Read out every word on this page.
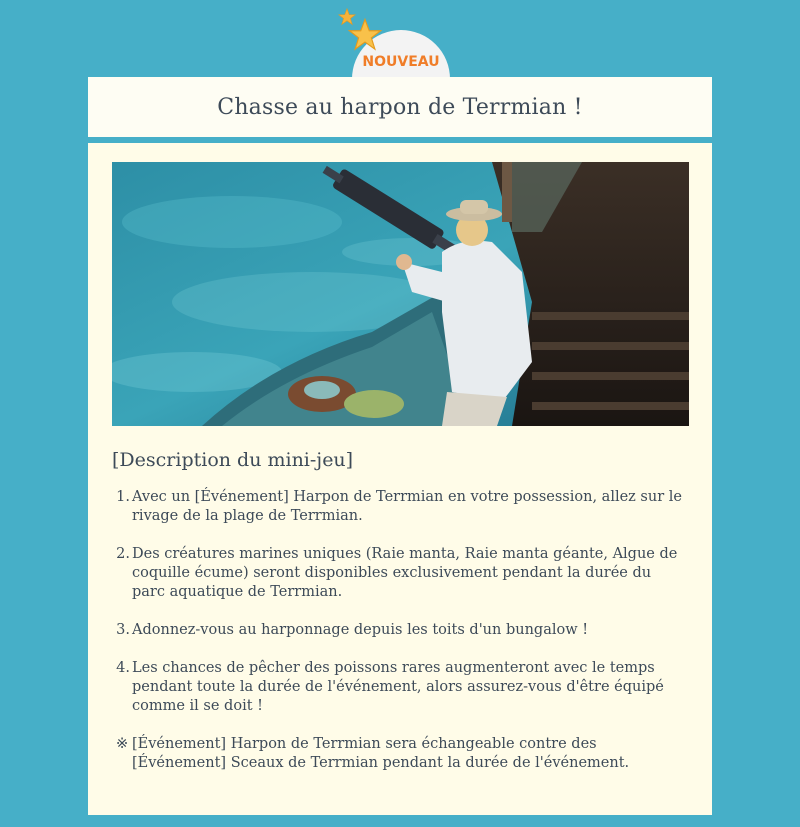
NOUVEAU
Chasse au harpon de Terrmian !
[Description du mini-jeu]
1. Avec un [Événement] Harpon de Terrmian en votre possession, allez sur le rivage de la plage de Terrmian.
2. Des créatures marines uniques (Raie manta, Raie manta géante, Algue de coquille écume) seront disponibles exclusivement pendant la durée du parc aquatique de Terrmian.
3. Adonnez-vous au harponnage depuis les toits d'un bungalow !
4. Les chances de pêcher des poissons rares augmenteront avec le temps pendant toute la durée de l'événement, alors assurez-vous d'être équipé comme il se doit !
※ [Événement] Harpon de Terrmian sera échangeable contre des [Événement] Sceaux de Terrmian pendant la durée de l'événement.
